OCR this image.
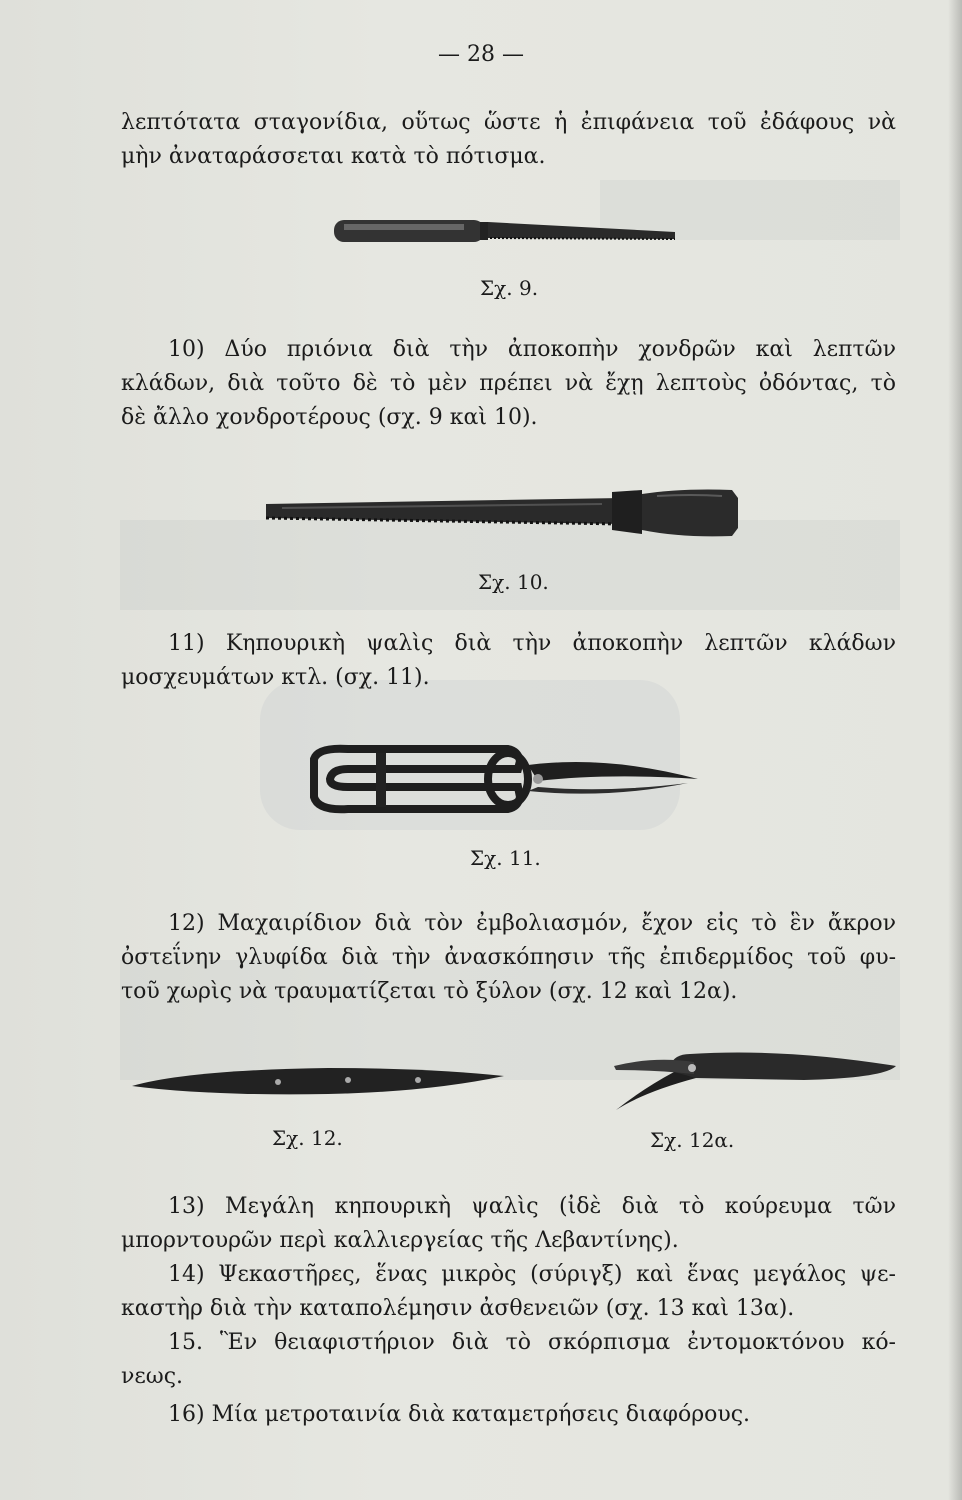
— 28 —
λεπτότατα σταγονίδια, οὕτως ὥστε ἡ ἐπιφάνεια τοῦ ἐδάφους νὰ
μὴν ἀναταράσσεται κατὰ τὸ πότισμα.
Σχ. 9.
10) Δύο πριόνια διὰ τὴν ἀποκοπὴν χονδρῶν καὶ λεπτῶν
κλάδων, διὰ τοῦτο δὲ τὸ μὲν πρέπει νὰ ἔχῃ λεπτοὺς ὀδόντας, τὸ
δὲ ἄλλο χονδροτέρους (σχ. 9 καὶ 10).
Σχ. 10.
11) Κηπουρικὴ ψαλὶς διὰ τὴν ἀποκοπὴν λεπτῶν κλάδων
μοσχευμάτων κτλ. (σχ. 11).
Σχ. 11.
12) Μαχαιρίδιον διὰ τὸν ἐμβολιασμόν, ἔχον εἰς τὸ ἓν ἄκρον
ὀστεΐνην γλυφίδα διὰ τὴν ἀνασκόπησιν τῆς ἐπιδερμίδος τοῦ φυ-
τοῦ χωρὶς νὰ τραυματίζεται τὸ ξύλον (σχ. 12 καὶ 12α).
Σχ. 12.	Σχ. 12α.
13) Μεγάλη κηπουρικὴ ψαλὶς (ἰδὲ διὰ τὸ κούρευμα τῶν
μπορντουρῶν περὶ καλλιεργείας τῆς Λεβαντίνης).
14) Ψεκαστῆρες, ἕνας μικρὸς (σύριγξ) καὶ ἕνας μεγάλος ψε-
καστὴρ διὰ τὴν καταπολέμησιν ἀσθενειῶν (σχ. 13 καὶ 13α).
15. Ἓν θειαφιστήριον διὰ τὸ σκόρπισμα ἐντομοκτόνου κό-
νεως.
16) Μία μετροταινία διὰ καταμετρήσεις διαφόρους.
